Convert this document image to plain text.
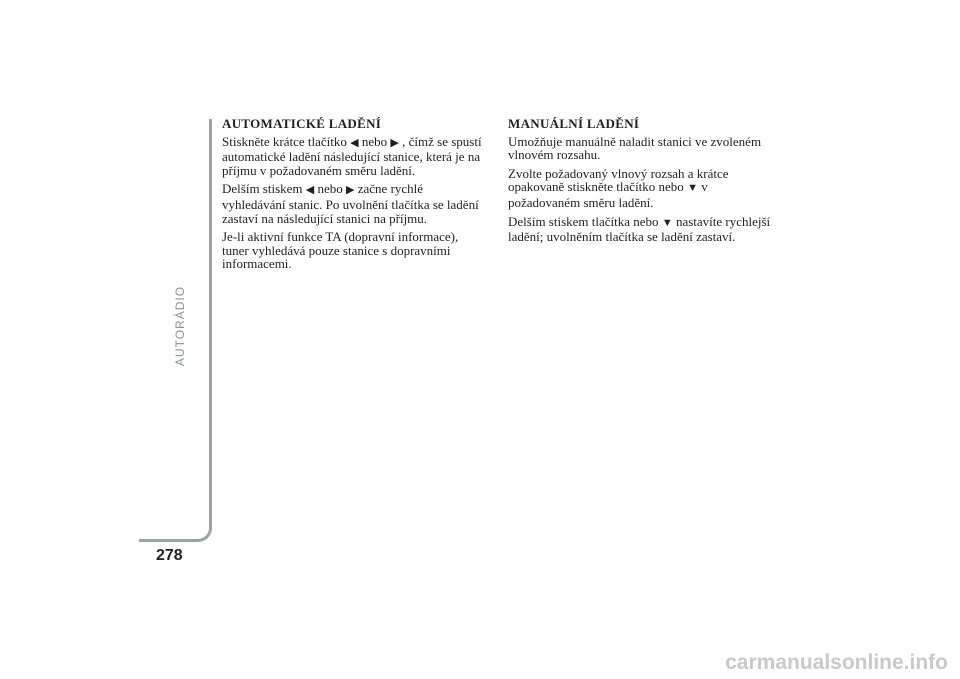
AUTORÁDIO
278

AUTOMATICKÉ LADĚNÍ

Stiskněte krátce tlačítko ◀ nebo ▶ , čímž se spustí automatické ladění následující stanice, která je na příjmu v požadovaném směru ladění.

Delším stiskem ◀ nebo ▶ začne rychlé vyhledávání stanic. Po uvolnění tlačítka se ladění zastaví na následující stanici na příjmu.

Je-li aktivní funkce TA (dopravní informace), tuner vyhledává pouze stanice s dopravními informacemi.

MANUÁLNÍ LADĚNÍ

Umožňuje manuálně naladit stanici ve zvoleném vlnovém rozsahu.

Zvolte požadovaný vlnový rozsah a krátce opakovaně stiskněte tlačítko nebo ▼ v požadovaném směru ladění.

Delším stiskem tlačítka nebo ▼ nastavíte rychlejší ladění; uvolněním tlačítka se ladění zastaví.

carmanualsonline.info
